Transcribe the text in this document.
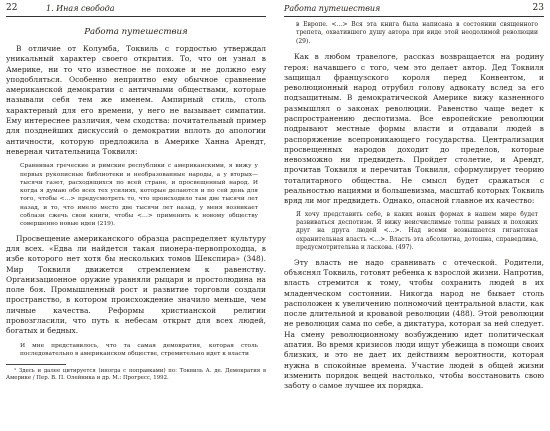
22	1. Иная свобода
Работа путешествия

В отличие от Колумба, Токвиль с гордостью утверждал уникальный характер своего открытия. То, что он узнал в Америке, ни то что известное не похоже и не должно ему уподобляться. Особенно неприятно ему обычное сравнение американской демократии с античными обществами, которые называли себя тем же именем. Ампирный стиль, столь характерный для его времени, у него не вызывает симпатии. Ему интереснее различия, чем сходства: почитательный пример для позднейших дискуссий о демократии вплоть до апологии античности, которую предложила в Америке Ханна Арендт, неверная читательница Токвиля:

Сравнивая греческие и римские республики с американскими, я вижу у первых рукописные библиотеки и необразованные народы, а у вторых—тысячи газет, расходящихся по всей стране, и просвещенный народ. И когда я думаю обо всех тех усилиях, которые делаются и по сей день для того, чтобы <…> предусмотреть то, что происходило там две тысячи лет назад, и то, что имело место две тысячи лет назад, у меня возникает соблазн сжечь свои книги, чтобы <…> применить к новому обществу совершенно новые идеи (219).

Просвещение американского образца распределяет культуру для всех. «Едва ли найдется такая пионера-первопроходца, в избе которого нет хотя бы нескольких томов Шекспира» (348). Мир Токвиля движется стремлением к равенству. Организационное оружие уравняли рыцаря и простолюдина на поле боя. Промышленный рост и развитие торговли создали пространство, в котором происхождение значило меньше, чем личные качества. Реформы христианской религии провозгласили, что путь к небесам открыт для всех людей, богатых и бедных.

И мне представилось, что та самая демократия, которая столь последовательно в американском обществе, стремительно идет к власти
¹ Здесь и далее цитируется (иногда с поправками) по: Токвиль А. де. Демократия в Америке / Пер. В. П. Олейника и др. М.: Прогресс, 1992.
Работа путешествия	23
в Европе. <…> Вся эта книга была написана в состоянии священного трепета, охватившего душу автора при виде этой неодолимой революции (29).

Как в любом травелоге, рассказ возвращается на родину героя: начавшего с того, чем это делает автор. Дед Токвиля защищал французского короля перед Конвентом, и революционный народ отрубил голову адвокату вслед за его подзащитным. В демократической Америке вижу казненного размышлял о законах революции. Равенство чаще ведет к распространению деспотизма. Все европейские революции подрывают местные формы власти и отдавали людей в распоряжение всепроникающего государства. Централизация просвещенных народов доходит до пределов, которые невозможно ни предвидеть. Пройдет столетие, и Арендт, прочитав Токвиля и перечитав Токвиля, сформулирует теорию тоталитарного общества. Не смысл будет сражаться с реальностью нациями и большевизма, масштаб которых Токвиль вряд ли мог предвидеть. Однако, опасной главное их качество:

Я хочу представить себе, в каких новых формах в нашем мире будет развиваться деспотизм. Я вижу неисчислимые толпы равных и похожих друг на друга людей <…>. Над всеми возвышается гигантская охранительная власть <…>. Власть эта абсолютна, дотошна, справедлива, предусмотрительна и ласкова. (497).

Эту власть не надо сравнивать с отеческой. Родители, объяснял Токвиль, готовят ребенка к взрослой жизни. Напротив, власть стремится к тому, чтобы сохранить людей в их младенческом состоянии. Никогда народ не бывает столь расположен к увеличению полномочий центральной власти, как после длительной и кровавой революции (488). Этой революции не революция сама по себе, а диктатура, которая за ней следует. На смену революционному возбуждению идет политическая апатия. Во время кризисов люди ищут убежища в помощи своих близких, и это не дает их действиям вероятности, которая нужна в спокойные времена. Участие людей в общей жизни изменить порядок вещей настолько, чтобы восстановить свою заботу о самое лучшее их порядка.
